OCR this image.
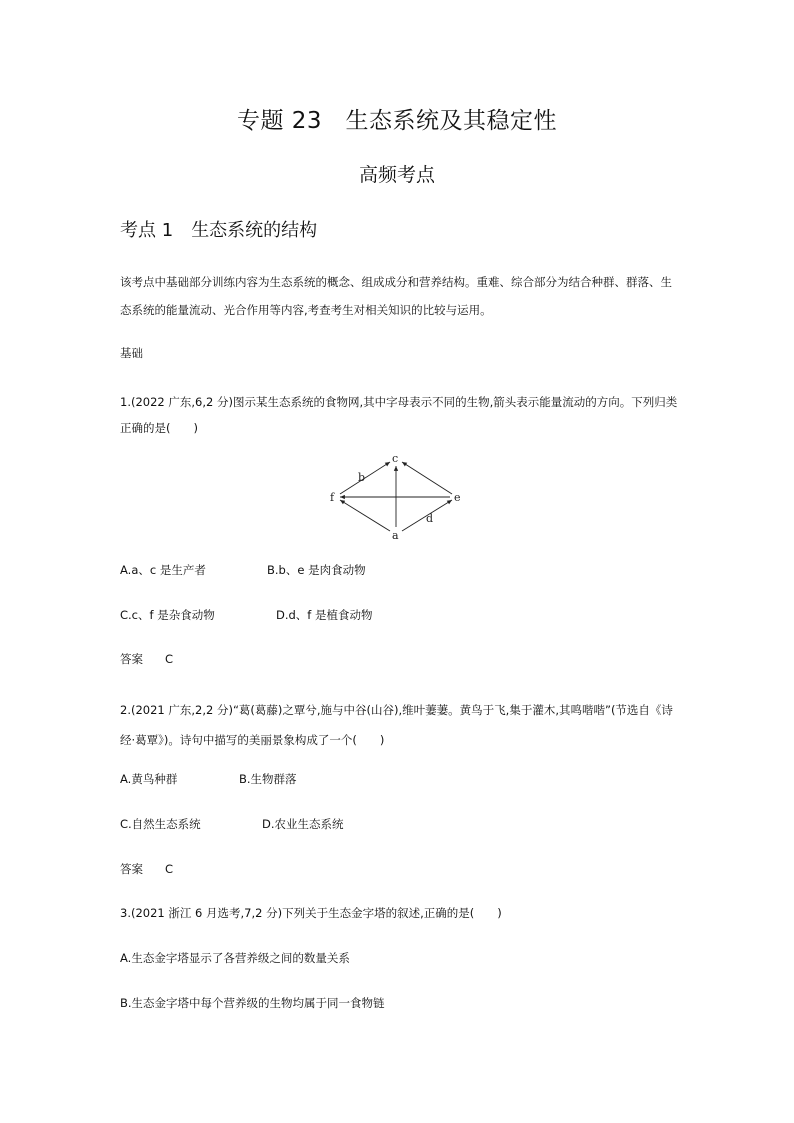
专题 23　生态系统及其稳定性
高频考点
考点 1 生态系统的结构
该考点中基础部分训练内容为生态系统的概念、组成成分和营养结构。重难、综合部分为结合种群、群落、生态系统的能量流动、光合作用等内容,考查考生对相关知识的比较与运用。
基础
1.(2022 广东,6,2 分)图示某生态系统的食物网,其中字母表示不同的生物,箭头表示能量流动的方向。下列归类正确的是(　　)
c
b
f	e
d
a
A.a、c 是生产者	B.b、e 是肉食动物
C.c、f 是杂食动物	D.d、f 是植食动物
答案 C
2.(2021 广东,2,2 分)“葛(葛藤)之覃兮,施与中谷(山谷),维叶萋萋。黄鸟于飞,集于灌木,其鸣喈喈”(节选自《诗经·葛覃》)。诗句中描写的美丽景象构成了一个(　　)
A.黄鸟种群	B.生物群落
C.自然生态系统	D.农业生态系统
答案 C
3.(2021 浙江 6 月选考,7,2 分)下列关于生态金字塔的叙述,正确的是(　　)
A.生态金字塔显示了各营养级之间的数量关系
B.生态金字塔中每个营养级的生物均属于同一食物链
